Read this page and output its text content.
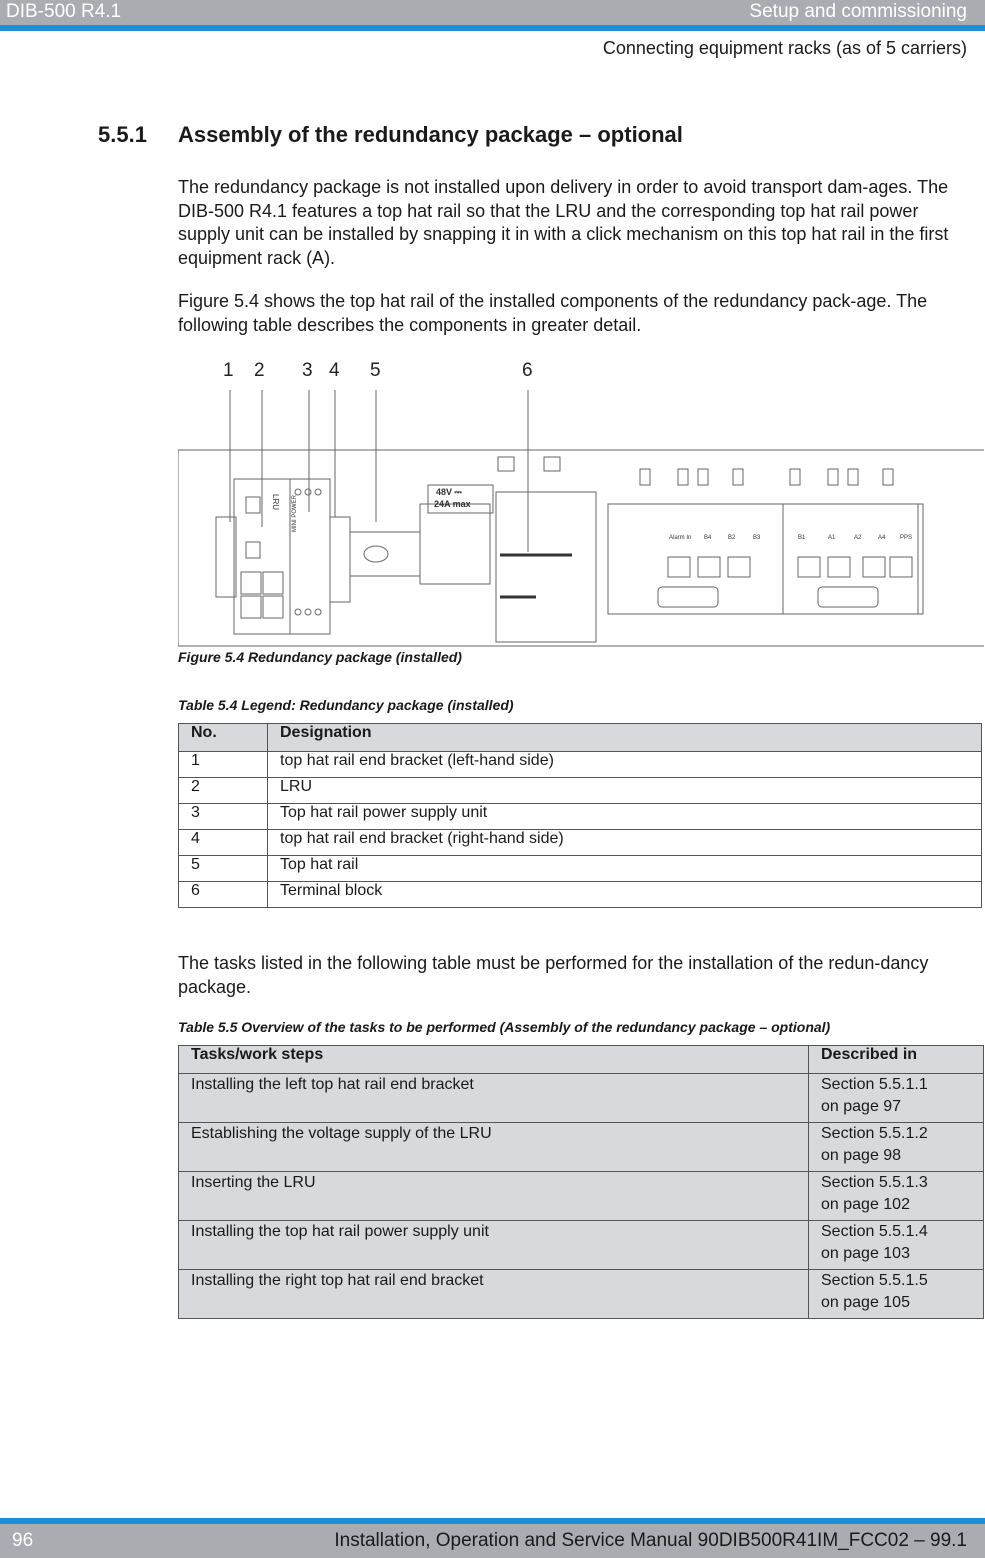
DIB-500 R4.1	Setup and commissioning
Connecting equipment racks (as of 5 carriers)
5.5.1 Assembly of the redundancy package – optional
The redundancy package is not installed upon delivery in order to avoid transport dam-ages. The DIB-500 R4.1 features a top hat rail so that the LRU and the corresponding top hat rail power supply unit can be installed by snapping it in with a click mechanism on this top hat rail in the first equipment rack (A).
Figure 5.4 shows the top hat rail of the installed components of the redundancy pack-age. The following table describes the components in greater detail.
1 2 3 4 5	6
LRU MINI POWER
48V ⎓
24A max
Alarm In B4	B2	B3	B1	A1	A2	A4 PPS
Figure 5.4 Redundancy package (installed)
Table 5.4 Legend: Redundancy package (installed)
No.	Designation
1	top hat rail end bracket (left-hand side)
2	LRU
3	Top hat rail power supply unit
4	top hat rail end bracket (right-hand side)
5	Top hat rail
6	Terminal block
The tasks listed in the following table must be performed for the installation of the redun-dancy package.
Table 5.5 Overview of the tasks to be performed (Assembly of the redundancy package – optional)
Tasks/work steps	Described in
Installing the left top hat rail end bracket	Section 5.5.1.1
on page 97

Establishing the voltage supply of the LRU	Section 5.5.1.2
on page 98

Inserting the LRU	Section 5.5.1.3
on page 102

Installing the top hat rail power supply unit	Section 5.5.1.4
on page 103

Installing the right top hat rail end bracket	Section 5.5.1.5
on page 105
96	Installation, Operation and Service Manual 90DIB500R41IM_FCC02 – 99.1
